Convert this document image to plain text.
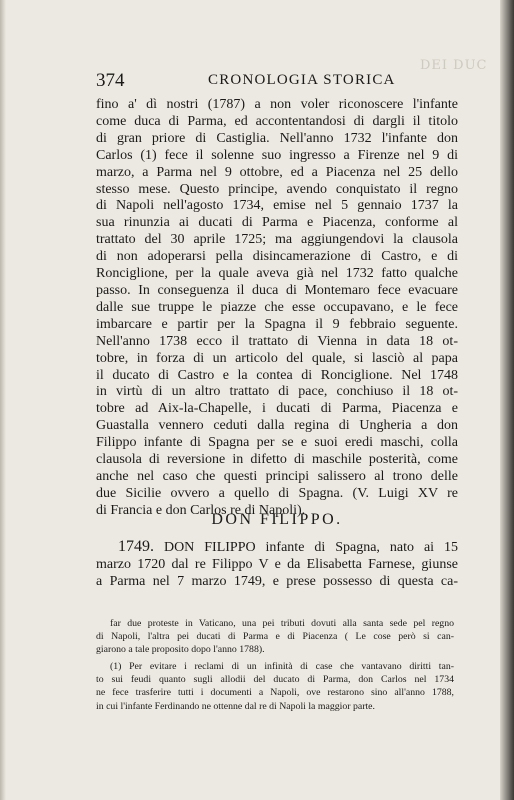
DEI DUC
374	CRONOLOGIA STORICA
fino a' dì nostri (1787) a non voler riconoscere l'infante
come duca di Parma, ed accontentandosi di dargli il titolo
di gran priore di Castiglia. Nell'anno 1732 l'infante don
Carlos (1) fece il solenne suo ingresso a Firenze nel 9 di
marzo, a Parma nel 9 ottobre, ed a Piacenza nel 25 dello
stesso mese. Questo principe, avendo conquistato il regno
di Napoli nell'agosto 1734, emise nel 5 gennaio 1737 la
sua rinunzia ai ducati di Parma e Piacenza, conforme al
trattato del 30 aprile 1725; ma aggiungendovi la clausola
di non adoperarsi pella disincamerazione di Castro, e di
Ronciglione, per la quale aveva già nel 1732 fatto qualche
passo. In conseguenza il duca di Montemaro fece evacuare
dalle sue truppe le piazze che esse occupavano, e le fece
imbarcare e partir per la Spagna il 9 febbraio seguente.
Nell'anno 1738 ecco il trattato di Vienna in data 18 ot-
tobre, in forza di un articolo del quale, si lasciò al papa
il ducato di Castro e la contea di Ronciglione. Nel 1748
in virtù di un altro trattato di pace, conchiuso il 18 ot-
tobre ad Aix-la-Chapelle, i ducati di Parma, Piacenza e
Guastalla vennero ceduti dalla regina di Ungheria a don
Filippo infante di Spagna per se e suoi eredi maschi, colla
clausola di reversione in difetto di maschile posterità, come
anche nel caso che questi principi salissero al trono delle
due Sicilie ovvero a quello di Spagna. (V. Luigi XV re
di Francia e don Carlos re di Napoli).
DON FILIPPO.
1749. DON FILIPPO infante di Spagna, nato ai 15
marzo 1720 dal re Filippo V e da Elisabetta Farnese, giunse
a Parma nel 7 marzo 1749, e prese possesso di questa ca-
far due proteste in Vaticano, una pei tributi dovuti alla santa sede pel regno
di Napoli, l'altra pei ducati di Parma e di Piacenza ( Le cose però si can-
giarono a tale proposito dopo l'anno 1788).
(1) Per evitare i reclami di un infinità di case che vantavano diritti tan-
to sui feudi quanto sugli allodii del ducato di Parma, don Carlos nel 1734
ne fece trasferire tutti i documenti a Napoli, ove restarono sino all'anno 1788,
in cui l'infante Ferdinando ne ottenne dal re di Napoli la maggior parte.
